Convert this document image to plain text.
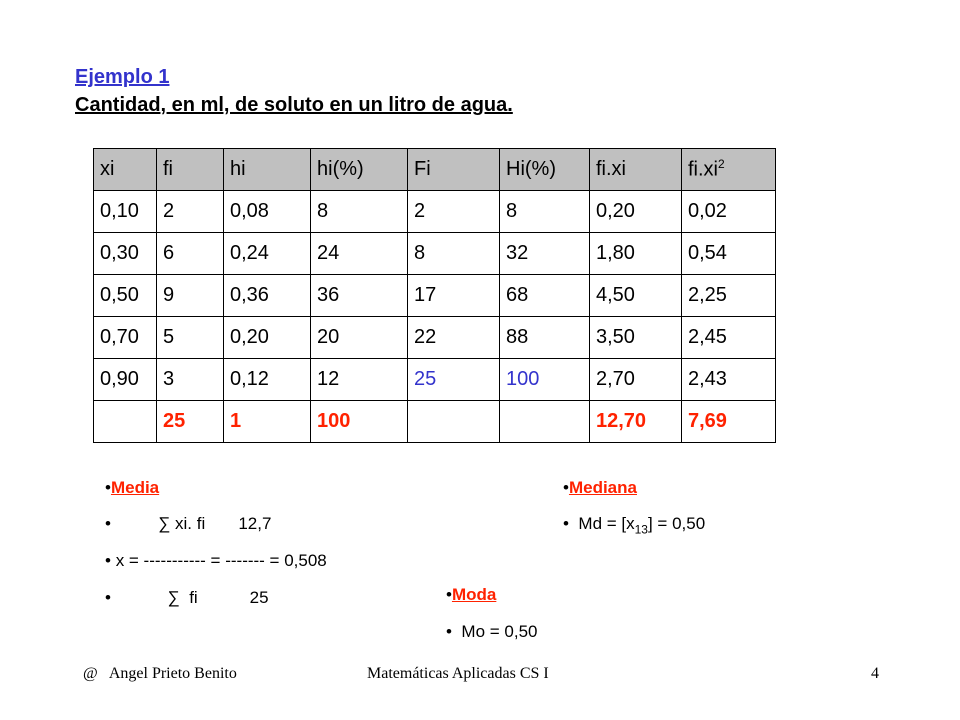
Ejemplo 1
Cantidad, en ml, de soluto en un litro de agua.
xi	fi	hi	hi(%)	Fi	Hi(%)	fi.xi	$fi.xi^2$
0,10	2	0,08	8	2	8	0,20	0,02
0,30	6	0,24	24	8	32	1,80	0,54
0,50	9	0,36	36	17	68	4,50	2,25
0,70	5	0,20	20	22	88	3,50	2,45
0,90	3	0,12	12	25	100	2,70	2,43
	25	1	100			12,70	7,69
•Media
•	∑ xi. fi       12,7
• x = ----------- = ------- = 0,508
•	∑  fi           25
•Mediana
• $Md = [x_{13}] = 0,50$
•Moda
• Mo = 0,50
@   Angel Prieto Benito	Matemáticas Aplicadas CS I	4
